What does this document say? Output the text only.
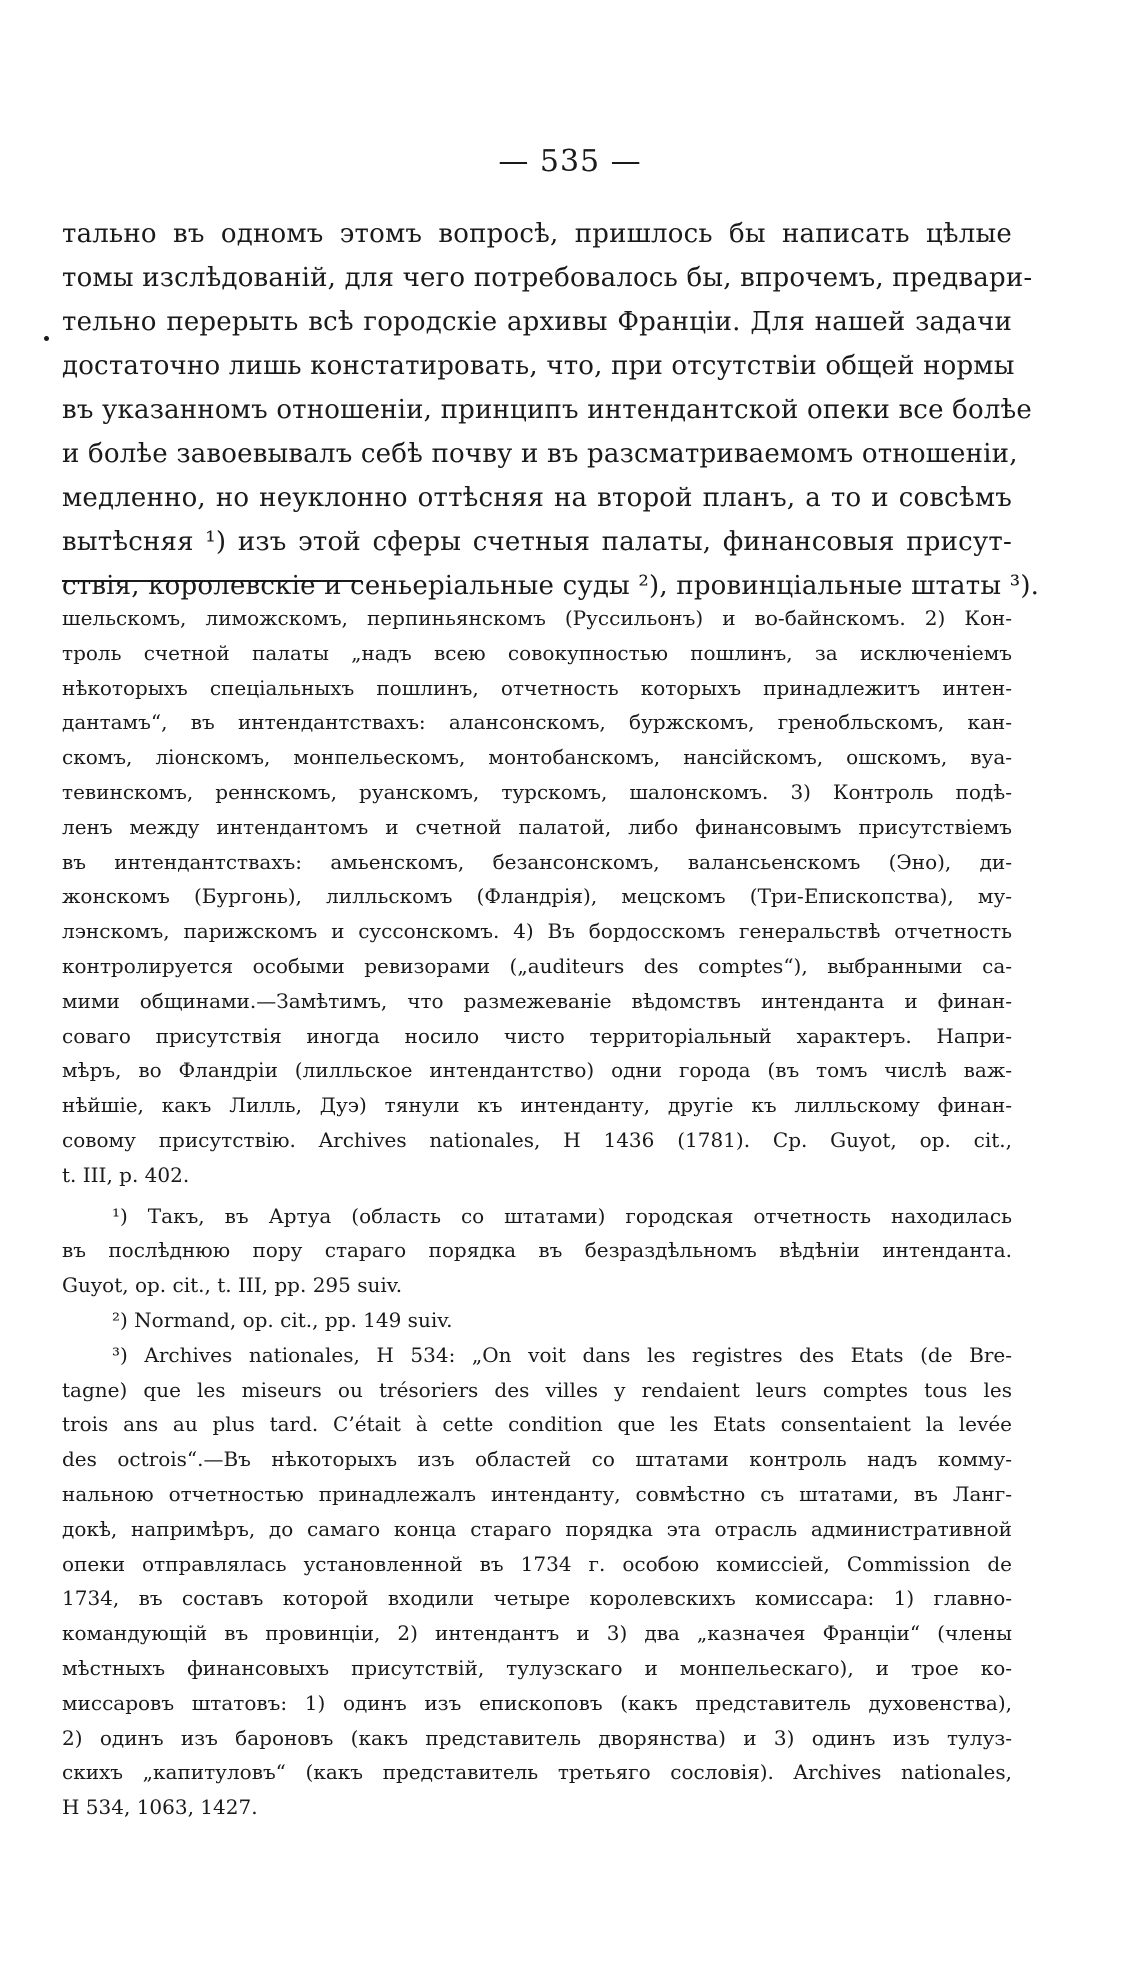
— 535 —
тально въ одномъ этомъ вопросѣ, пришлось бы написать цѣлые
томы изслѣдованій, для чего потребовалось бы, впрочемъ, предвари-
тельно перерыть всѣ городскіе архивы Франціи. Для нашей задачи
достаточно лишь констатировать, что, при отсутствіи общей нормы
въ указанномъ отношеніи, принципъ интендантской опеки все болѣе
и болѣе завоевывалъ себѣ почву и въ разсматриваемомъ отношеніи,
медленно, но неуклонно оттѣсняя на второй планъ, а то и совсѣмъ
вытѣсняя ¹) изъ этой сферы счетныя палаты, финансовыя присут-
ствія, королевскіе и сеньеріальные суды ²), провинціальные штаты ³).
шельскомъ, лиможскомъ, перпиньянскомъ (Руссильонъ) и во-байнскомъ. 2) Кон-
троль счетной палаты „надъ всею совокупностью пошлинъ, за исключеніемъ
нѣкоторыхъ спеціальныхъ пошлинъ, отчетность которыхъ принадлежитъ интен-
дантамъ“, въ интендантствахъ: алансонскомъ, буржскомъ, гренобльскомъ, кан-
скомъ, ліонскомъ, монпельескомъ, монтобанскомъ, нансійскомъ, ошскомъ, вуа-
тевинскомъ, реннскомъ, руанскомъ, турскомъ, шалонскомъ. 3) Контроль подѣ-
ленъ между интендантомъ и счетной палатой, либо финансовымъ присутствіемъ
въ интендантствахъ: амьенскомъ, безансонскомъ, валансьенскомъ (Эно), ди-
жонскомъ (Бургонь), лилльскомъ (Фландрія), мецскомъ (Три-Епископства), му-
лэнскомъ, парижскомъ и суссонскомъ. 4) Въ бордосскомъ генеральствѣ отчетность
контролируется особыми ревизорами („auditeurs des comptes“), выбранными са-
мими общинами.—Замѣтимъ, что размежеваніе вѣдомствъ интенданта и финан-
соваго присутствія иногда носило чисто территоріальный характеръ. Напри-
мѣръ, во Фландріи (лилльское интендантство) одни города (въ томъ числѣ важ-
нѣйшіе, какъ Лилль, Дуэ) тянули къ интенданту, другіе къ лилльскому финан-
совому присутствію. Archives nationales, H 1436 (1781). Ср. Guyot, op. cit.,
t. III, p. 402.
¹) Такъ, въ Артуа (область со штатами) городская отчетность находилась
въ послѣднюю пору стараго порядка въ безраздѣльномъ вѣдѣніи интенданта.
Guyot, op. cit., t. III, pp. 295 suiv.
²) Normand, op. cit., pp. 149 suiv.
³) Archives nationales, H 534: „On voit dans les registres des Etats (de Bre-
tagne) que les miseurs ou trésoriers des villes y rendaient leurs comptes tous les
trois ans au plus tard. C’était à cette condition que les Etats consentaient la levée
des octrois“.—Въ нѣкоторыхъ изъ областей со штатами контроль надъ комму-
нальною отчетностью принадлежалъ интенданту, совмѣстно съ штатами, въ Ланг-
докѣ, напримѣръ, до самаго конца стараго порядка эта отрасль административной
опеки отправлялась установленной въ 1734 г. особою комиссіей, Commission de
1734, въ составъ которой входили четыре королевскихъ комиссара: 1) главно-
командующій въ провинціи, 2) интендантъ и 3) два „казначея Франціи“ (члены
мѣстныхъ финансовыхъ присутствій, тулузскаго и монпельескаго), и трое ко-
миссаровъ штатовъ: 1) одинъ изъ епископовъ (какъ представитель духовенства),
2) одинъ изъ бароновъ (какъ представитель дворянства) и 3) одинъ изъ тулуз-
скихъ „капитуловъ“ (какъ представитель третьяго сословія). Archives nationales,
H 534, 1063, 1427.
